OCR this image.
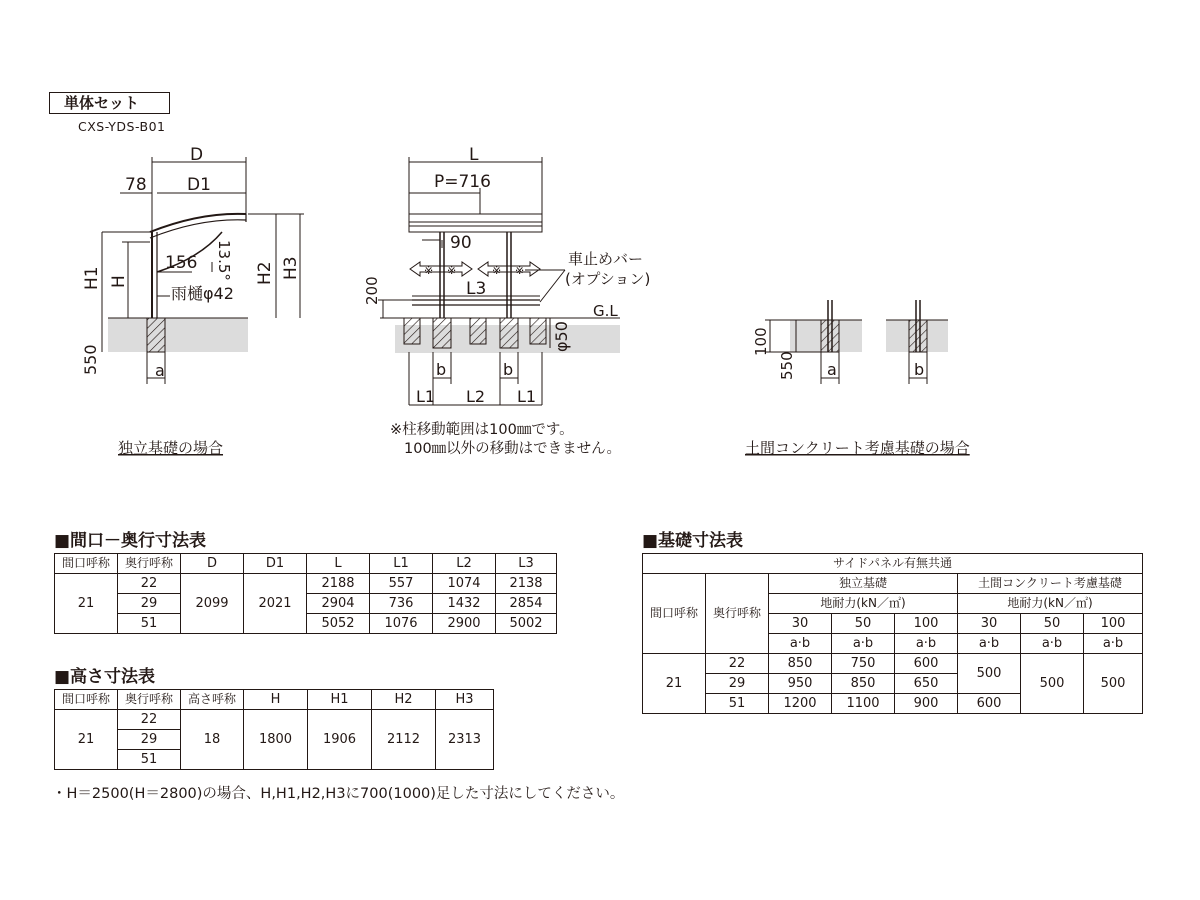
単体セット
CXS-YDS-B01
D
D1
78
156
雨樋φ42
a
H1 H	H2 H3
550
13.5°
独立基礎の場合
L
P=716
90
L3
G.L
車止めバー
(オプション)
b	b
L1 L2 L1
※ ※	※ ※
200
φ50
※柱移動範囲は100㎜です。
100㎜以外の移動はできません。
100
550 a	b
土間コンクリート考慮基礎の場合
■間口－奥行寸法表
間口呼称	奥行呼称	D	D1	L	L1	L2	L3
21	22	2099	2021	2188	557	1074	2138
	29			2904	736	1432	2854
	51			5052	1076	2900	5002
■高さ寸法表
間口呼称	奥行呼称	高さ呼称	H	H1	H2	H3
21	22	18	1800	1906	2112	2313
	29					
	51					
■基礎寸法表
サイドパネル有無共通							
間口呼称	奥行呼称	独立基礎			土間コンクリート考慮基礎		
		地耐力(kN／㎡)			地耐力(kN／㎡)		
		30	50	100	30	50	100
		a·b	a·b	a·b	a·b	a·b	a·b
21	22	850	750	600	500	500	500
	29	950	850	650			
	51	1200	1100	900	600		
・H＝2500(H＝2800)の場合、H,H1,H2,H3に700(1000)足した寸法にしてください。
